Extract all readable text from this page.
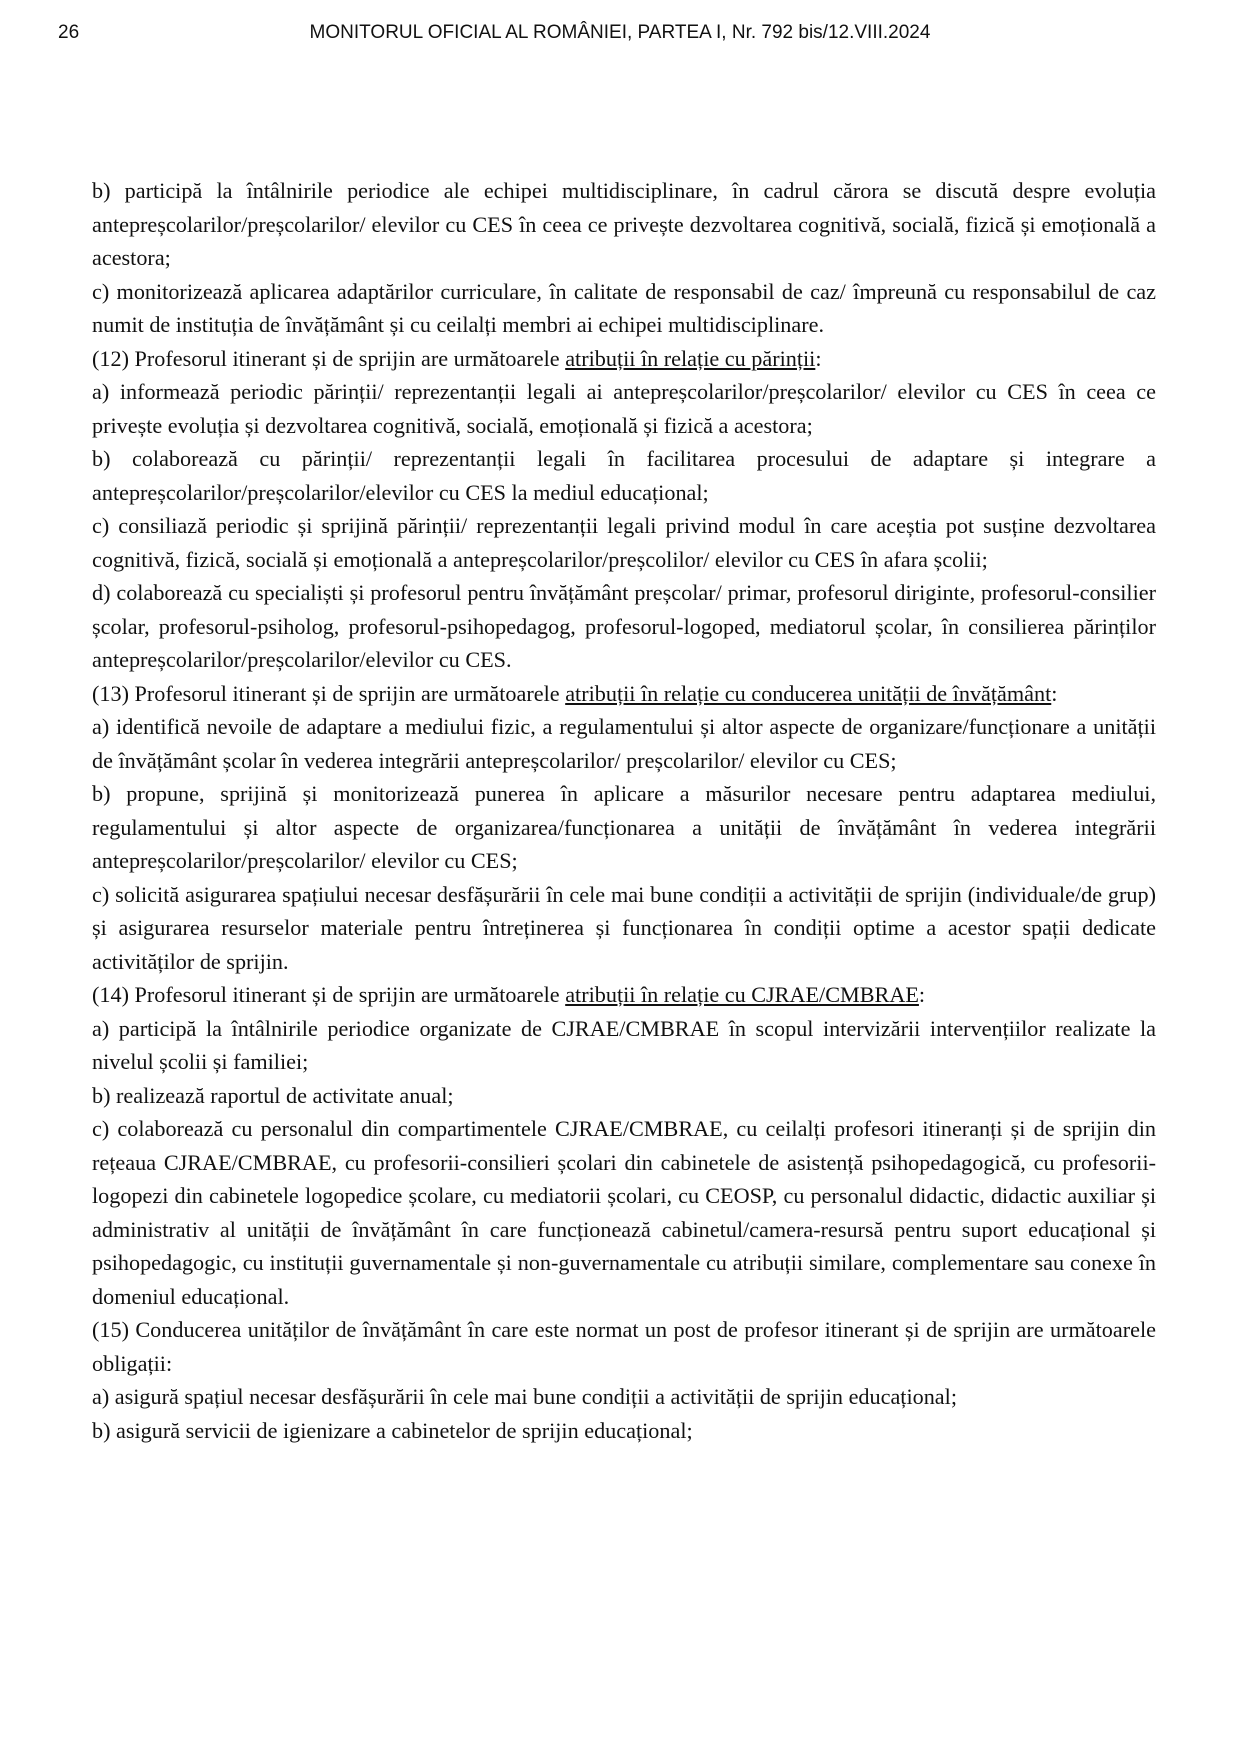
26	MONITORUL OFICIAL AL ROMÂNIEI, PARTEA I, Nr. 792 bis/12.VIII.2024

b) participă la întâlnirile periodice ale echipei multidisciplinare, în cadrul cărora se discută despre evoluția antepreșcolarilor/preșcolarilor/ elevilor cu CES în ceea ce privește dezvoltarea cognitivă, socială, fizică și emoțională a acestora;

c) monitorizează aplicarea adaptărilor curriculare, în calitate de responsabil de caz/ împreună cu responsabilul de caz numit de instituția de învățământ și cu ceilalți membri ai echipei multidisciplinare.

(12) Profesorul itinerant și de sprijin are următoarele atribuții în relație cu părinții:

a) informează periodic părinții/ reprezentanții legali ai antepreșcolarilor/preșcolarilor/ elevilor cu CES în ceea ce privește evoluția și dezvoltarea cognitivă, socială, emoțională și fizică a acestora;

b) colaborează cu părinții/ reprezentanții legali în facilitarea procesului de adaptare și integrare a antepreșcolarilor/preșcolarilor/elevilor cu CES la mediul educațional;

c) consiliază periodic și sprijină părinții/ reprezentanții legali privind modul în care aceștia pot susține dezvoltarea cognitivă, fizică, socială și emoțională a antepreșcolarilor/preșcolilor/ elevilor cu CES în afara școlii;

d) colaborează cu specialiști și profesorul pentru învățământ preșcolar/ primar, profesorul diriginte, profesorul-consilier școlar, profesorul-psiholog, profesorul-psihopedagog, profesorul-logoped, mediatorul școlar, în consilierea părinților antepreșcolarilor/preșcolarilor/elevilor cu CES.

(13) Profesorul itinerant și de sprijin are următoarele atribuții în relație cu conducerea unității de învățământ:

a) identifică nevoile de adaptare a mediului fizic, a regulamentului și altor aspecte de organizare/funcționare a unității de învățământ școlar în vederea integrării antepreșcolarilor/ preșcolarilor/ elevilor cu CES;

b) propune, sprijină și monitorizează punerea în aplicare a măsurilor necesare pentru adaptarea mediului, regulamentului și altor aspecte de organizarea/funcționarea a unității de învățământ în vederea integrării antepreșcolarilor/preșcolarilor/ elevilor cu CES;

c) solicită asigurarea spațiului necesar desfășurării în cele mai bune condiții a activității de sprijin (individuale/de grup) și asigurarea resurselor materiale pentru întreținerea și funcționarea în condiții optime a acestor spații dedicate activităților de sprijin.

(14) Profesorul itinerant și de sprijin are următoarele atribuții în relație cu CJRAE/CMBRAE:

a) participă la întâlnirile periodice organizate de CJRAE/CMBRAE în scopul intervizării intervențiilor realizate la nivelul școlii și familiei;

b) realizează raportul de activitate anual;

c) colaborează cu personalul din compartimentele CJRAE/CMBRAE, cu ceilalți profesori itineranți și de sprijin din rețeaua CJRAE/CMBRAE, cu profesorii-consilieri școlari din cabinetele de asistență psihopedagogică, cu profesorii-logopezi din cabinetele logopedice școlare, cu mediatorii școlari, cu CEOSP, cu personalul didactic, didactic auxiliar și administrativ al unității de învățământ în care funcționează cabinetul/camera-resursă pentru suport educațional și psihopedagogic, cu instituții guvernamentale și non-guvernamentale cu atribuții similare, complementare sau conexe în domeniul educațional.

(15) Conducerea unităților de învățământ în care este normat un post de profesor itinerant și de sprijin are următoarele obligații:

a) asigură spațiul necesar desfășurării în cele mai bune condiții a activității de sprijin educațional;

b) asigură servicii de igienizare a cabinetelor de sprijin educațional;
